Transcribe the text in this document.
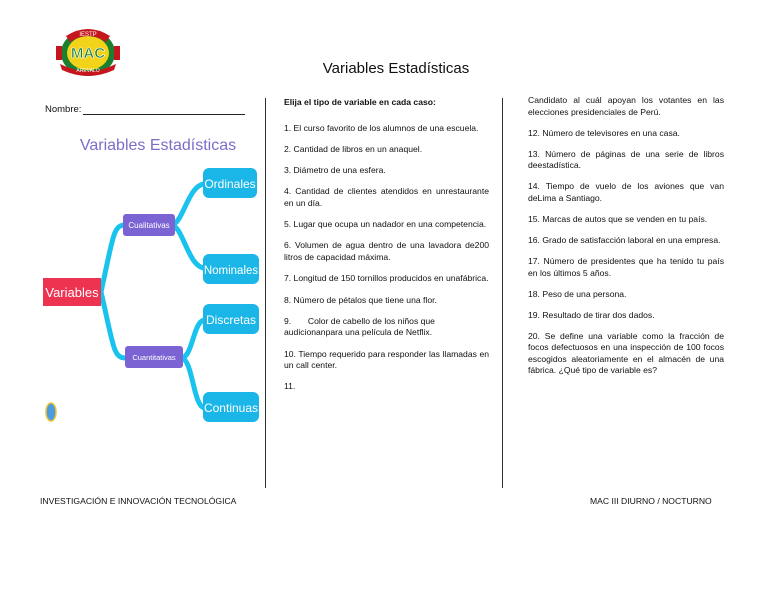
IESTP
MAC
AREVALO	Variables Estadísticas
Nombre:
Variables Estadísticas
Variables
Cualitativas
Cuantitativas
Ordinales
Nominales
Discretas
Continuas

Elija el tipo de variable en cada caso:

1. El curso favorito de los alumnos de una escuela.

2. Cantidad de libros en un anaquel.

3. Diámetro de una esfera.

4. Cantidad de clientes atendidos en unrestaurante en un día.

5. Lugar que ocupa un nadador en una competencia.

6. Volumen de agua dentro de una lavadora de200 litros de capacidad máxima.

7. Longitud de 150 tornillos producidos en unafábrica.

8. Número de pétalos que tiene una flor.

9.       Color de cabello de los niños que audicionanpara una película de Netflix.

10. Tiempo requerido para responder las llamadas en un call center.

11.

Candidato al cuál apoyan los votantes en las elecciones presidenciales de Perú.

12. Número de televisores en una casa.

13. Número de páginas de una serie de libros deestadística.

14. Tiempo de vuelo de los aviones que van deLima a Santiago.

15. Marcas de autos que se venden en tu país.

16. Grado de satisfacción laboral en una empresa.

17. Número de presidentes que ha tenido tu país en los últimos 5 años.

18. Peso de una persona.

19. Resultado de tirar dos dados.

20. Se define una variable como la fracción de focos defectuosos en una inspección de 100 focos escogidos aleatoriamente en el almacén de una fábrica. ¿Qué tipo de variable es?

INVESTIGACIÓN E INNOVACIÓN TECNOLÓGICA	MAC III DIURNO / NOCTURNO
